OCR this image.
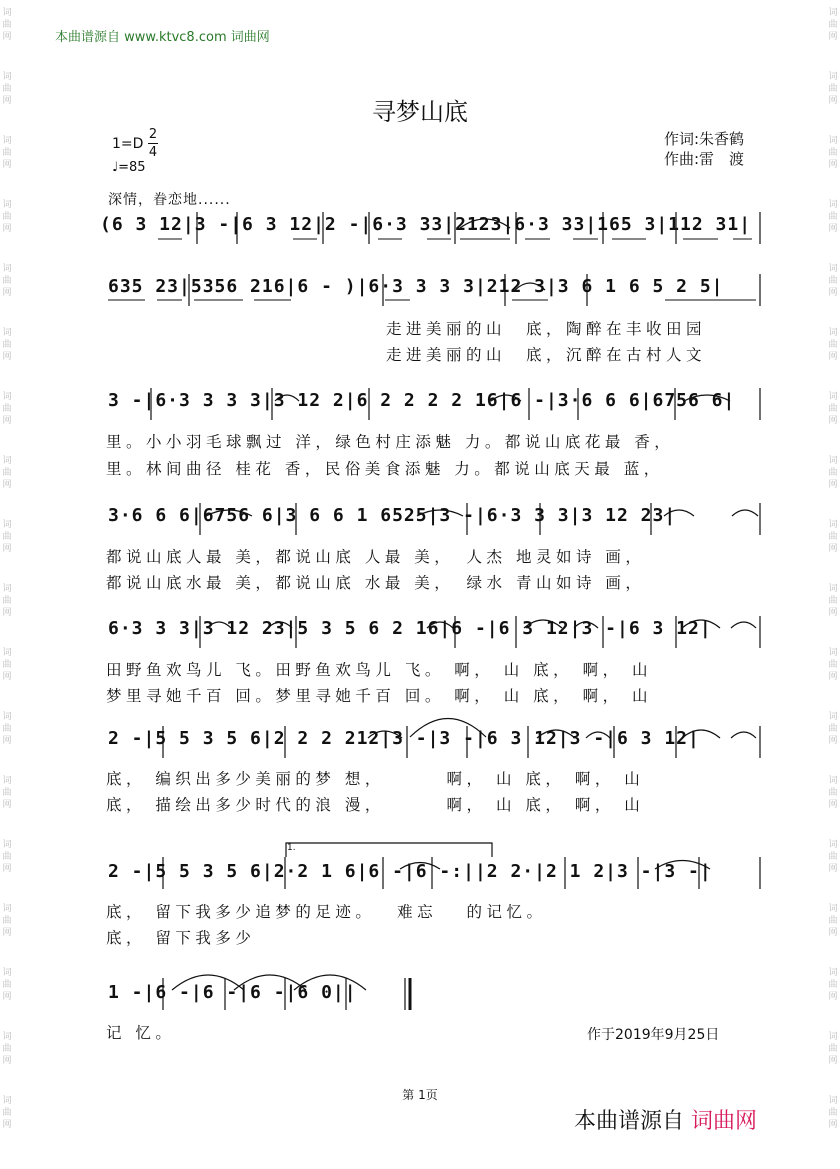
本曲谱源自 www.ktvc8.com 词曲网
词
曲
网
词
曲
网
词
曲
网
词
曲
网
词
曲
网
词
曲
网
词
曲
网
词
曲
网
词
曲
网
词
曲
网
词
曲
网
词
曲
网
词
曲
网
词
曲
网
词
曲
网
词
曲
网
词
曲
网
词
曲
网
词
曲
网
词
曲
网
词
曲
网
词
曲
网
词
曲
网
词
曲
网
词
曲
网
词
曲
网
词
曲
网
词
曲
网
词
曲
网
词
曲
网
词
曲
网
词
曲
网
词
曲
网
词
曲
网
词
曲
网
词
曲
网
寻梦山底
1=D
2
4
♩=85
作词:朱香鹤
作曲:雷　渡
深情，眷恋地......
(6 3 12|3 -|6 3 12|2 -|6·3 33|2123|6·3 33|165 3|112 31|
635 23|5356 216|6 - )|6·3 3 3 3|212 3|3 6 1 6 5 2 5|
走进美丽的山　底，陶醉在丰收田园
走进美丽的山　底，沉醉在古村人文
3 -|6·3 3 3 3|3 12 2|6 2 2 2 2 16|6 -|3·6 6 6|6756 6|
里。小小羽毛球飘过 洋，绿色村庄添魅 力。都说山底花最 香，
里。林间曲径 桂花 香，民俗美食添魅 力。都说山底天最 蓝，
3·6 6 6|6756 6|3 6 6 1 6525|3 -|6·3 3 3|3 12 23|
都说山底人最 美，都说山底 人最 美，　人杰 地灵如诗 画，
都说山底水最 美，都说山底 水最 美，　绿水 青山如诗 画，
6·3 3 3|3 12 23|5 3 5 6 2 16|6 -|6 3 12|3 -|6 3 12|
田野鱼欢鸟儿 飞。田野鱼欢鸟儿 飞。 啊， 山 底， 啊， 山
梦里寻她千百 回。梦里寻她千百 回。 啊， 山 底， 啊， 山
2 -|5 5 3 5 6|2 2 2 212|3 -|3 -|6 3 12|3 -|6 3 12|
底， 编织出多少美丽的梦 想，　　　 啊， 山 底， 啊， 山
底， 描绘出多少时代的浪 漫，　　　 啊， 山 底， 啊， 山
1.
2 -|5 5 3 5 6|2·2 1 6|6 -|6 -:||2 2·|2 1 2|3 -|3 -|
底， 留下我多少追梦的足迹。　 难忘　 的记忆。
底， 留下我多少
1 -|6 -|6 -|6 -|6 0||
记 忆。	作于2019年9月25日
第 1页
本曲谱源自 词曲网
